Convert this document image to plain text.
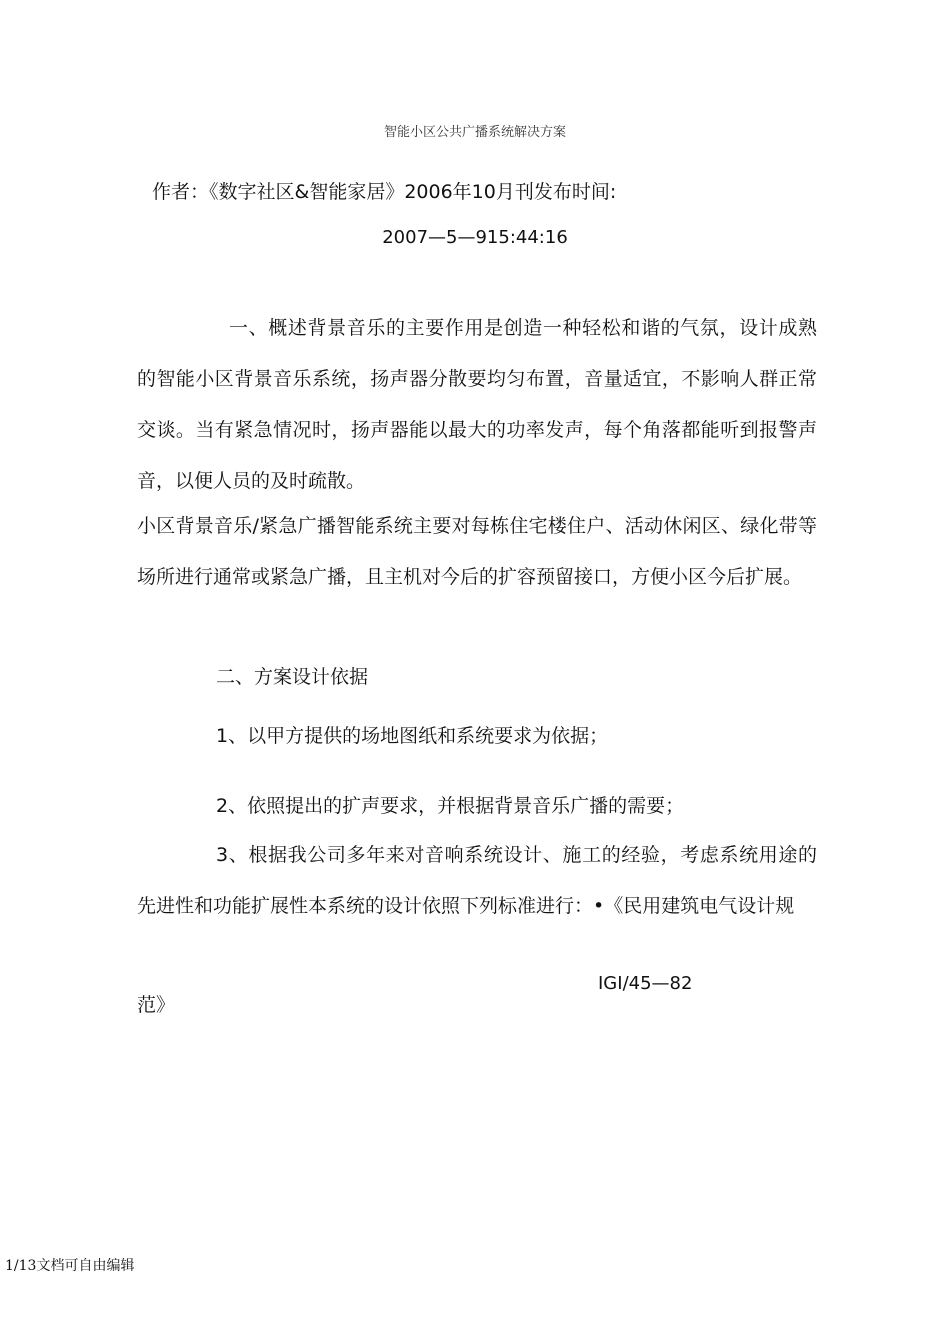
智能小区公共广播系统解决方案
作者：《数字社区&智能家居》2006年10月刊发布时间:
2007—5—915:44:16

一、概述背景音乐的主要作用是创造一种轻松和谐的气氛，设计成熟的智能小区背景音乐系统，扬声器分散要均匀布置，音量适宜，不影响人群正常交谈。当有紧急情况时，扬声器能以最大的功率发声，每个角落都能听到报警声音，以便人员的及时疏散。

小区背景音乐/紧急广播智能系统主要对每栋住宅楼住户、活动休闲区、绿化带等场所进行通常或紧急广播，且主机对今后的扩容预留接口，方便小区今后扩展。

二、方案设计依据
1、以甲方提供的场地图纸和系统要求为依据；
2、依照提出的扩声要求，并根据背景音乐广播的需要；

3、根据我公司多年来对音响系统设计、施工的经验，考虑系统用途的先进性和功能扩展性本系统的设计依照下列标准进行：•《民用建筑电气设计规

IGI/45—82
范》
1/13文档可自由编辑
